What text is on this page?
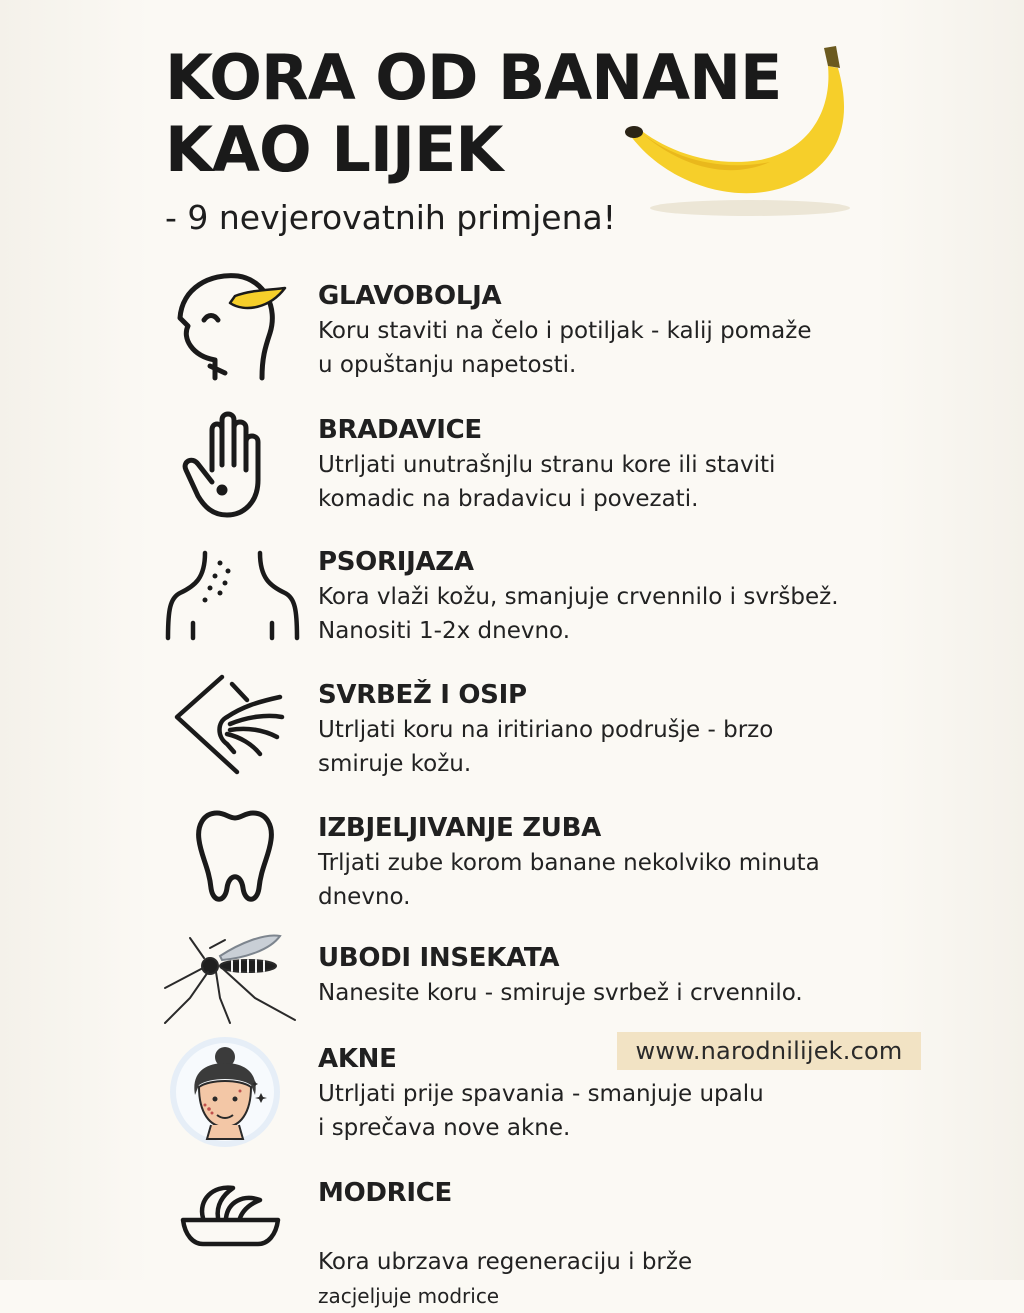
KORA OD BANANE
KAO LIJEK
- 9 nevjerovatnih primjena!
GLAVOBOLJA
Koru staviti na čelo i potiljak - kalij pomaže
u opuštanju napetosti.
BRADAVICE
Utrljati unutrašnjlu stranu kore ili staviti
komadic na bradavicu i povezati.
PSORIJAZA
Kora vlaži kožu, smanjuje crvennilo i svršbež.
Nanositi 1-2x dnevno.
SVRBEŽ I OSIP
Utrljati koru na iritiriano podrušje - brzo
smiruje kožu.
IZBJELJIVANJE ZUBA
Trljati zube korom banane nekolviko minuta
dnevno.
UBODI INSEKATA
Nanesite koru - smiruje svrbež i crvennilo.
AKNE
Utrljati prije spavania - smanjuje upalu
i sprečava nove akne.
MODRICE

Kora ubrzava regeneraciju i brže
zacjeljuje modrice

www.narodnilijek.com
